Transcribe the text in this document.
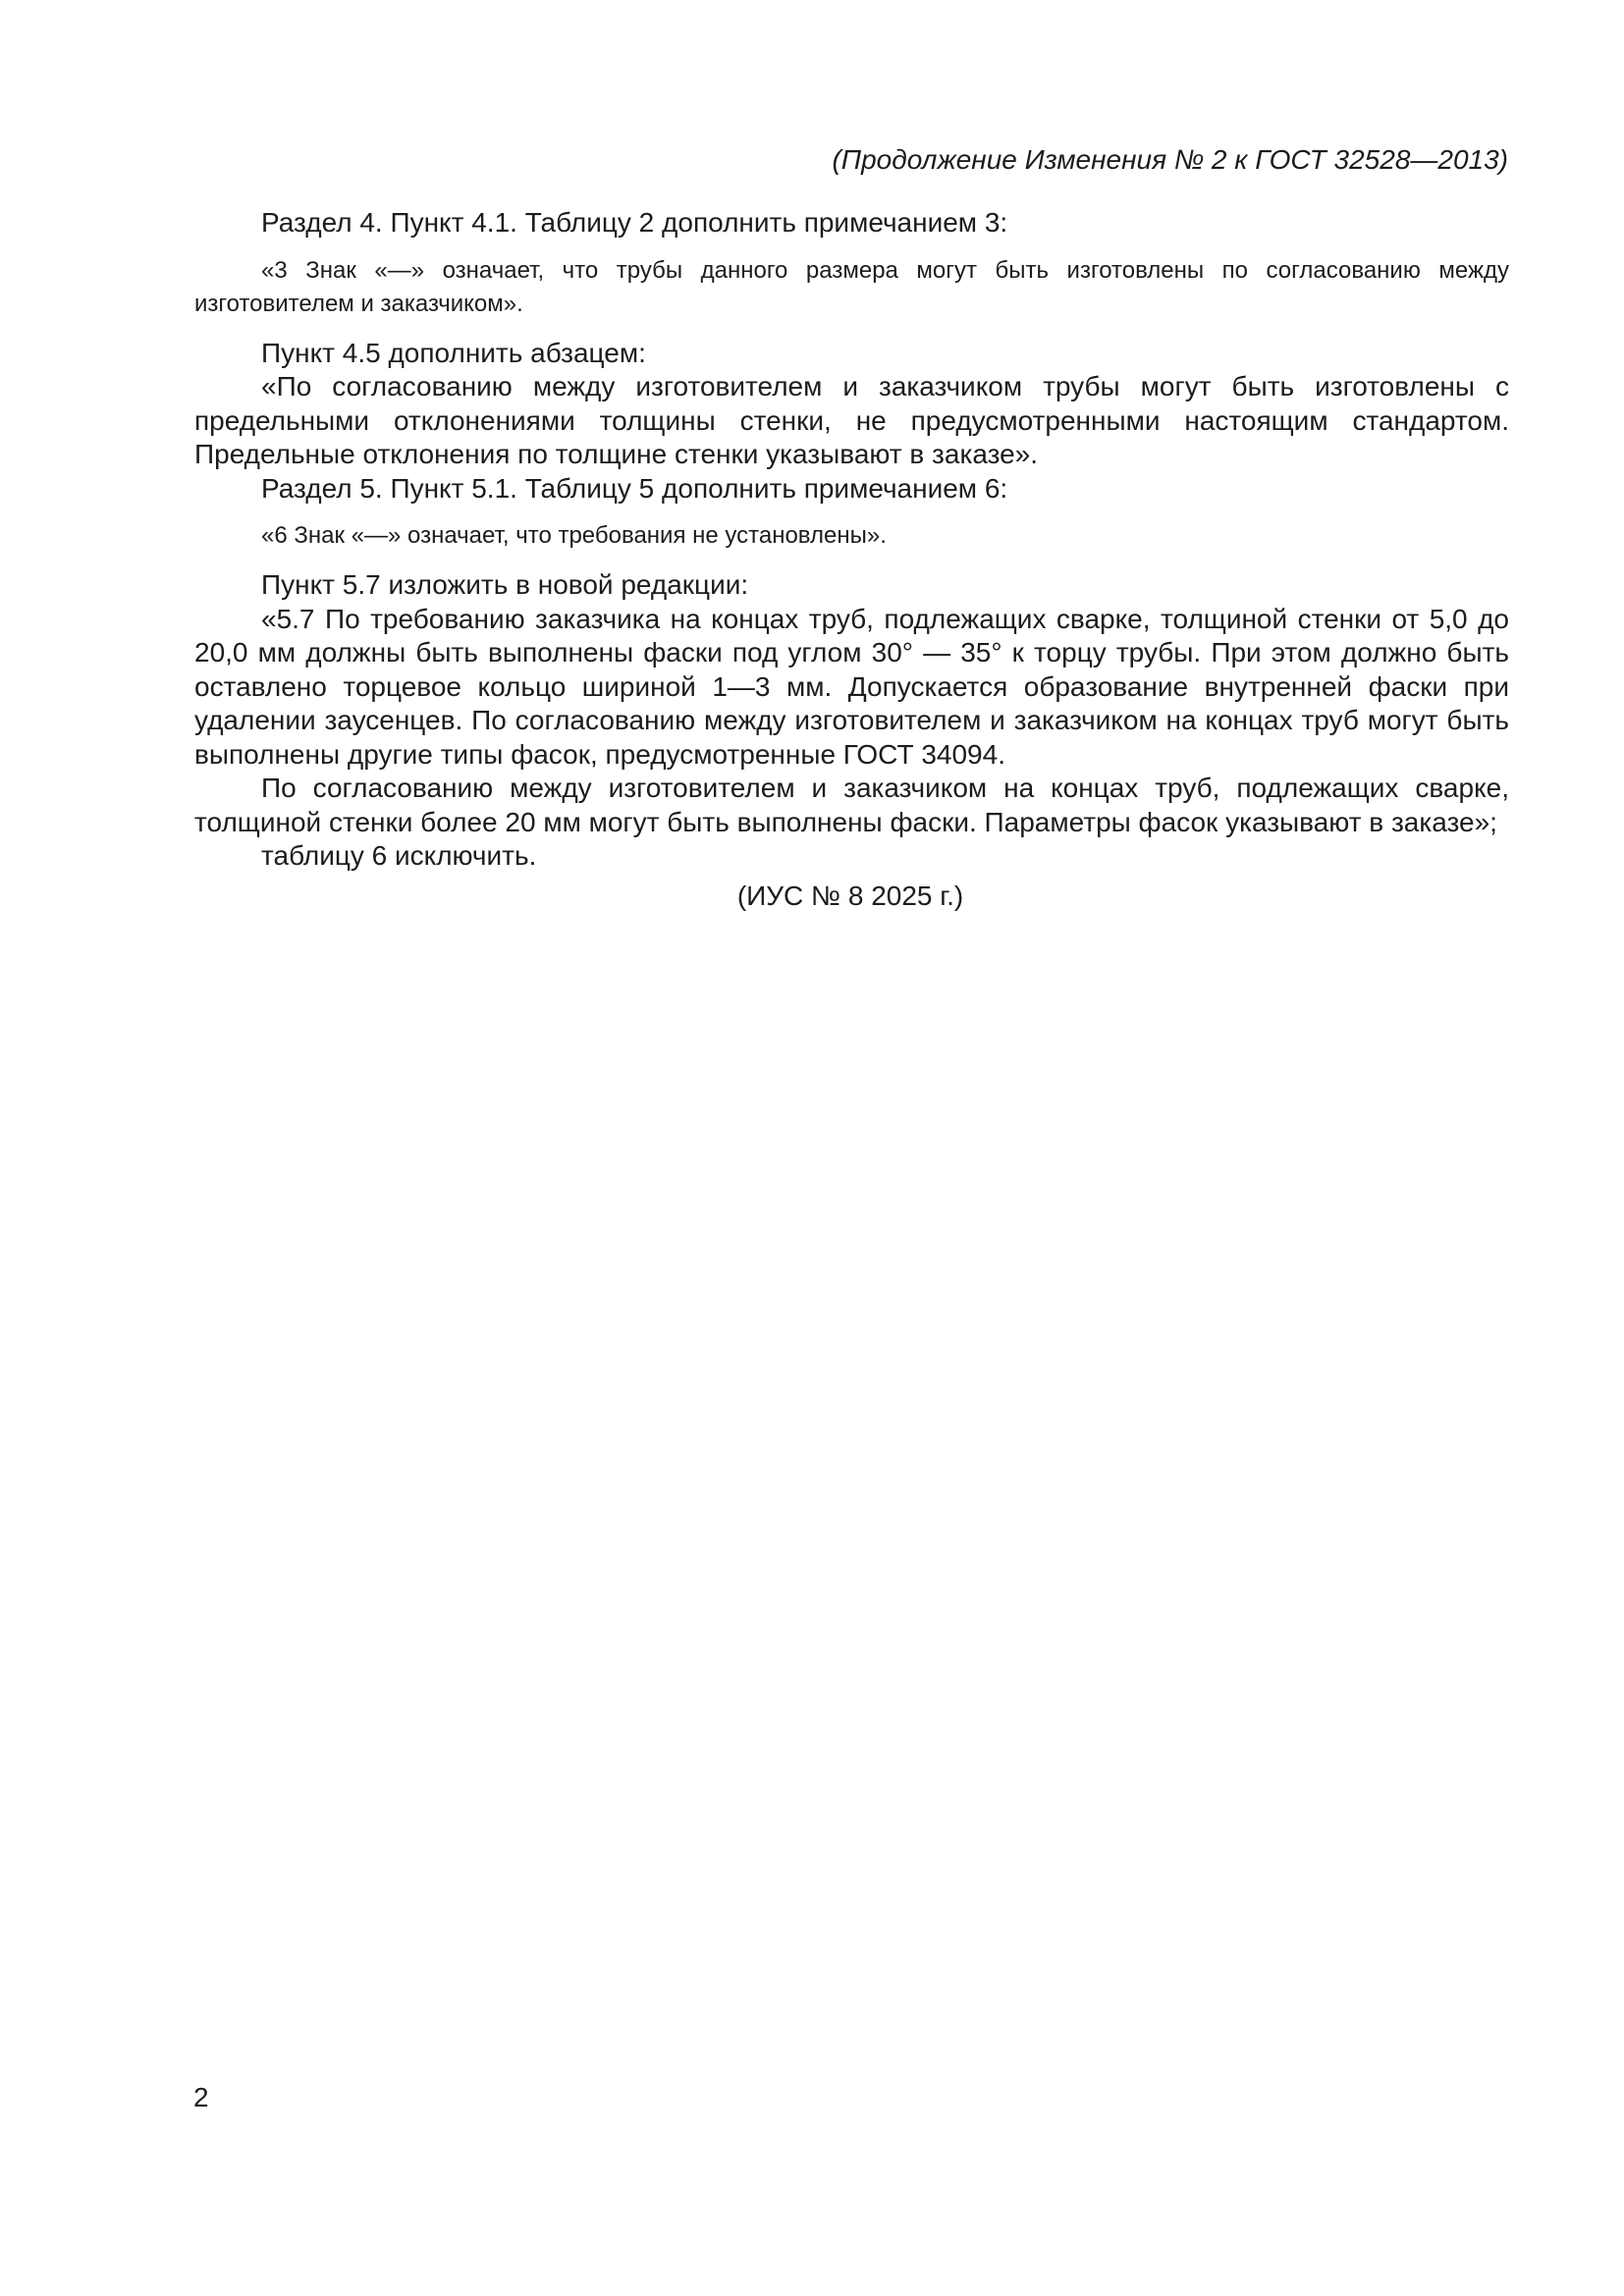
(Продолжение Изменения № 2 к ГОСТ 32528—2013)

Раздел 4. Пункт 4.1. Таблицу 2 дополнить примечанием 3:

«3 Знак «—» означает, что трубы данного размера могут быть изготовлены по согласованию между изготовителем и заказчиком».

Пункт 4.5 дополнить абзацем:

«По согласованию между изготовителем и заказчиком трубы могут быть изготовлены с предельными отклонениями толщины стенки, не предусмотренными настоящим стандартом. Предельные отклонения по толщине стенки указывают в заказе».

Раздел 5. Пункт 5.1. Таблицу 5 дополнить примечанием 6:

«6 Знак «—» означает, что требования не установлены».

Пункт 5.7 изложить в новой редакции:

«5.7 По требованию заказчика на концах труб, подлежащих сварке, толщиной стенки от 5,0 до 20,0 мм должны быть выполнены фаски под углом 30° — 35° к торцу трубы. При этом должно быть оставлено торцевое кольцо шириной 1—3 мм. Допускается образование внутренней фаски при удалении заусенцев. По согласованию между изготовителем и заказчиком на концах труб могут быть выполнены другие типы фасок, предусмотренные ГОСТ 34094.

По согласованию между изготовителем и заказчиком на концах труб, подлежащих сварке, толщиной стенки более 20 мм могут быть выполнены фаски. Параметры фасок указывают в заказе»;

таблицу 6 исключить.

(ИУС № 8 2025 г.)
2
